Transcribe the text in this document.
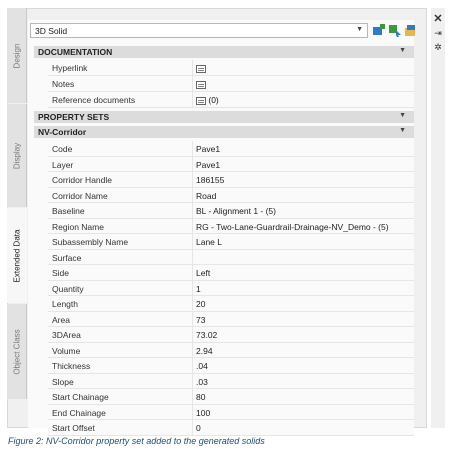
Design
Display
Extended Data
Object Class
3D Solid	▼
DOCUMENTATION	▼
Hyperlink
Notes
Reference documents	(0)
PROPERTY SETS	▼
NV-Corridor	▼
Code	Pave1
Layer	Pave1
Corridor Handle	186155
Corridor Name	Road
Baseline	BL - Alignment 1 - (5)
Region Name	RG - Two-Lane-Guardrail-Drainage-NV_Demo - (5)
Subassembly Name	Lane L
Surface
Side	Left
Quantity	1
Length	20
Area	73
3DArea	73.02
Volume	2.94
Thickness	.04
Slope	.03
Start Chainage	80
End Chainage	100
Start Offset	0
✕
⇥
✲
Figure 2: NV-Corridor property set added to the generated solids
